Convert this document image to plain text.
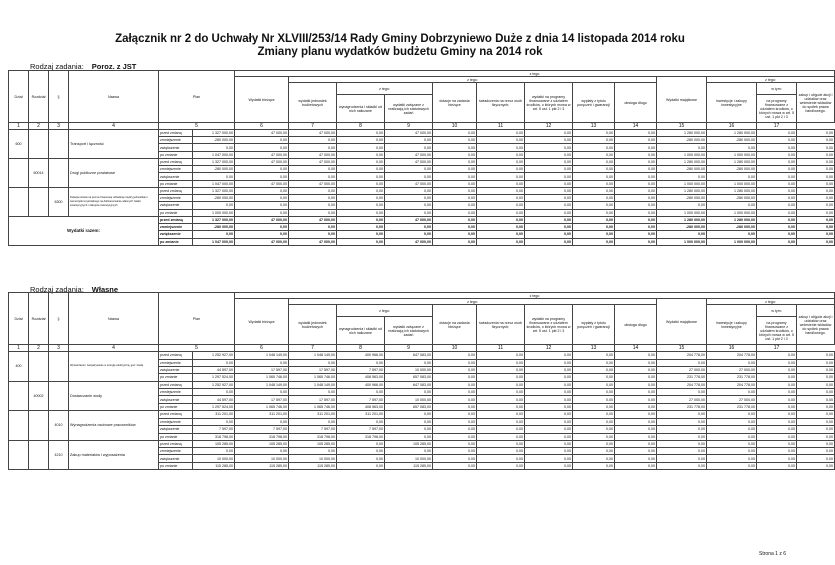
Załącznik nr 2 do Uchwały Nr XLVIII/253/14 Rady Gminy Dobrzyniewo Duże z dnia 14 listopada 2014 roku
Zmiany planu wydatków budżetu Gminy na 2014 rok
Rodzaj zadania: Poroz. z JST
Dział	Rozdział	§	Nazwa	Plan		z tego												
						Wydatki bieżące	z tego:								Wydatki majątkowe	z tego:		
							wydatki jednostek budżetowych	z tego:		dotacje na zadania bieżące	świadczenia na rzecz osób fizycznych;	wydatki na programy finansowane z udziałem środków, o których mowa w art. 5 ust. 1 pkt 2 i 3	wypłaty z tytułu poręczeń i gwarancji	obsługa długu		inwestycje i zakupy inwestycyjne	w tym:	zakup i objęcie akcji i udziałów oraz wniesienie wkładów do spółek prawa handlowego.
								wynagrodzenia i składki od nich naliczane	wydatki związane z realizacją ich statutowych zadań								na programy finansowane z udziałem środków, o których mowa w art. 5 ust. 1 pkt 2 i 3	
1	2	3	4	5		6	7	8	9	10	11	12	13	14	15	16	17	
600			Transport i łączność	przed zmianą	1 327 000,00	47 000,00	47 000,00	0,00	47 000,00	0,00	0,00	0,00	0,00	0,00	1 280 000,00	1 280 000,00	0,00	0,00
				zmniejszenie	-280 000,00	0,00	0,00	0,00	0,00	0,00	0,00	0,00	0,00	0,00	-280 000,00	-280 000,00	0,00	0,00
				zwiększenie	0,00	0,00	0,00	0,00	0,00	0,00	0,00	0,00	0,00	0,00	0,00	0,00	0,00	0,00
				po zmianie	1 047 000,00	47 000,00	47 000,00	0,00	47 000,00	0,00	0,00	0,00	0,00	0,00	1 000 000,00	1 000 000,00	0,00	0,00
	60014		Drogi publiczne powiatowe	przed zmianą	1 327 000,00	47 000,00	47 000,00	0,00	47 000,00	0,00	0,00	0,00	0,00	0,00	1 280 000,00	1 280 000,00	0,00	0,00
				zmniejszenie	-280 000,00	0,00	0,00	0,00	0,00	0,00	0,00	0,00	0,00	0,00	-280 000,00	-280 000,00	0,00	0,00
				zwiększenie	0,00	0,00	0,00	0,00	0,00	0,00	0,00	0,00	0,00	0,00	0,00	0,00	0,00	0,00
				po zmianie	1 047 000,00	47 000,00	47 000,00	0,00	47 000,00	0,00	0,00	0,00	0,00	0,00	1 000 000,00	1 000 000,00	0,00	0,00
		6300	Dotacja celowa na pomoc finansową udzielaną między jednostkami samorządu terytorialnego na dofinansowanie własnych zadań inwestycyjnych i zakupów inwestycyjnych	przed zmianą	1 327 000,00	0,00	0,00	0,00	0,00	0,00	0,00	0,00	0,00	0,00	1 280 000,00	1 280 000,00	0,00	0,00
				zmniejszenie	-280 000,00	0,00	0,00	0,00	0,00	0,00	0,00	0,00	0,00	0,00	-280 000,00	-280 000,00	0,00	0,00
				zwiększenie	0,00	0,00	0,00	0,00	0,00	0,00	0,00	0,00	0,00	0,00	0,00	0,00	0,00	0,00
				po zmianie	1 000 000,00	0,00	0,00	0,00	0,00	0,00	0,00	0,00	0,00	0,00	1 000 000,00	1 000 000,00	0,00	0,00
Wydatki razem:				przed zmianą	1 327 000,00	47 000,00	47 000,00	0,00	47 000,00	0,00	0,00	0,00	0,00	0,00	1 280 000,00	1 280 000,00	0,00	0,00
				zmniejszenie	-280 000,00	0,00	0,00	0,00	0,00	0,00	0,00	0,00	0,00	0,00	-280 000,00	-280 000,00	0,00	0,00
				zwiększenie	0,00	0,00	0,00	0,00	0,00	0,00	0,00	0,00	0,00	0,00	0,00	0,00	0,00	0,00
				po zmianie	1 047 000,00	47 000,00	47 000,00	0,00	47 000,00	0,00	0,00	0,00	0,00	0,00	1 000 000,00	1 000 000,00	0,00	0,00
Rodzaj zadania: Własne
Dział	Rozdział	§	Nazwa	Plan		z tego												
						Wydatki bieżące	z tego:								Wydatki majątkowe	z tego:		
							wydatki jednostek budżetowych	z tego:		dotacje na zadania bieżące	świadczenia na rzecz osób fizycznych;	wydatki na programy finansowane z udziałem środków, o których mowa w art. 5 ust. 1 pkt 2 i 3	wypłaty z tytułu poręczeń i gwarancji	obsługa długu		inwestycje i zakupy inwestycyjne	w tym:	zakup i objęcie akcji i udziałów oraz wniesienie wkładów do spółek prawa handlowego.
								wynagrodzenia i składki od nich naliczane	wydatki związane z realizacją ich statutowych zadań								na programy finansowane z udziałem środków, o których mowa w art. 5 ust. 1 pkt 2 i 3	
1	2	3	4	5		6	7	8	9	10	11	12	13	14	15	16	17	
400			Wytwarzanie i zaopatrywanie w energię elektryczną, gaz i wodę	przed zmianą	1 252 927,00	1 048 149,00	1 048 149,00	400 966,00	647 083,00	0,00	0,00	0,00	0,00	0,00	204 778,00	204 778,00	0,00	0,00
				zmniejszenie	0,00	0,00	0,00	0,00	0,00	0,00	0,00	0,00	0,00	0,00	0,00	0,00	0,00	0,00
				zwiększenie	44 597,00	17 597,00	17 597,00	7 597,00	10 000,00	0,00	0,00	0,00	0,00	0,00	27 000,00	27 000,00	0,00	0,00
				po zmianie	1 297 524,00	1 065 746,00	1 065 746,00	408 563,00	657 083,00	0,00	0,00	0,00	0,00	0,00	231 778,00	231 778,00	0,00	0,00
	40002		Dostarczanie wody	przed zmianą	1 252 927,00	1 048 149,00	1 048 149,00	400 966,00	647 083,00	0,00	0,00	0,00	0,00	0,00	204 778,00	204 778,00	0,00	0,00
				zmniejszenie	0,00	0,00	0,00	0,00	0,00	0,00	0,00	0,00	0,00	0,00	0,00	0,00	0,00	0,00
				zwiększenie	44 597,00	17 597,00	17 597,00	7 597,00	10 000,00	0,00	0,00	0,00	0,00	0,00	27 000,00	27 000,00	0,00	0,00
				po zmianie	1 297 524,00	1 065 746,00	1 065 746,00	408 563,00	657 083,00	0,00	0,00	0,00	0,00	0,00	231 778,00	231 778,00	0,00	0,00
		4010	Wynagrodzenia osobowe pracowników	przed zmianą	311 201,00	311 201,00	311 201,00	311 201,00	0,00	0,00	0,00	0,00	0,00	0,00	0,00	0,00	0,00	0,00
				zmniejszenie	0,00	0,00	0,00	0,00	0,00	0,00	0,00	0,00	0,00	0,00	0,00	0,00	0,00	0,00
				zwiększenie	7 597,00	7 597,00	7 597,00	7 597,00	0,00	0,00	0,00	0,00	0,00	0,00	0,00	0,00	0,00	0,00
				po zmianie	318 798,00	318 798,00	318 798,00	318 798,00	0,00	0,00	0,00	0,00	0,00	0,00	0,00	0,00	0,00	0,00
		4210	Zakup materiałów i wyposażenia	przed zmianą	105 285,00	105 285,00	105 285,00	0,00	105 285,00	0,00	0,00	0,00	0,00	0,00	0,00	0,00	0,00	0,00
				zmniejszenie	0,00	0,00	0,00	0,00	0,00	0,00	0,00	0,00	0,00	0,00	0,00	0,00	0,00	0,00
				zwiększenie	10 000,00	10 000,00	10 000,00	0,00	10 000,00	0,00	0,00	0,00	0,00	0,00	0,00	0,00	0,00	0,00
				po zmianie	115 285,00	115 285,00	115 285,00	0,00	115 285,00	0,00	0,00	0,00	0,00	0,00	0,00	0,00	0,00	0,00
Strona 1 z 6
